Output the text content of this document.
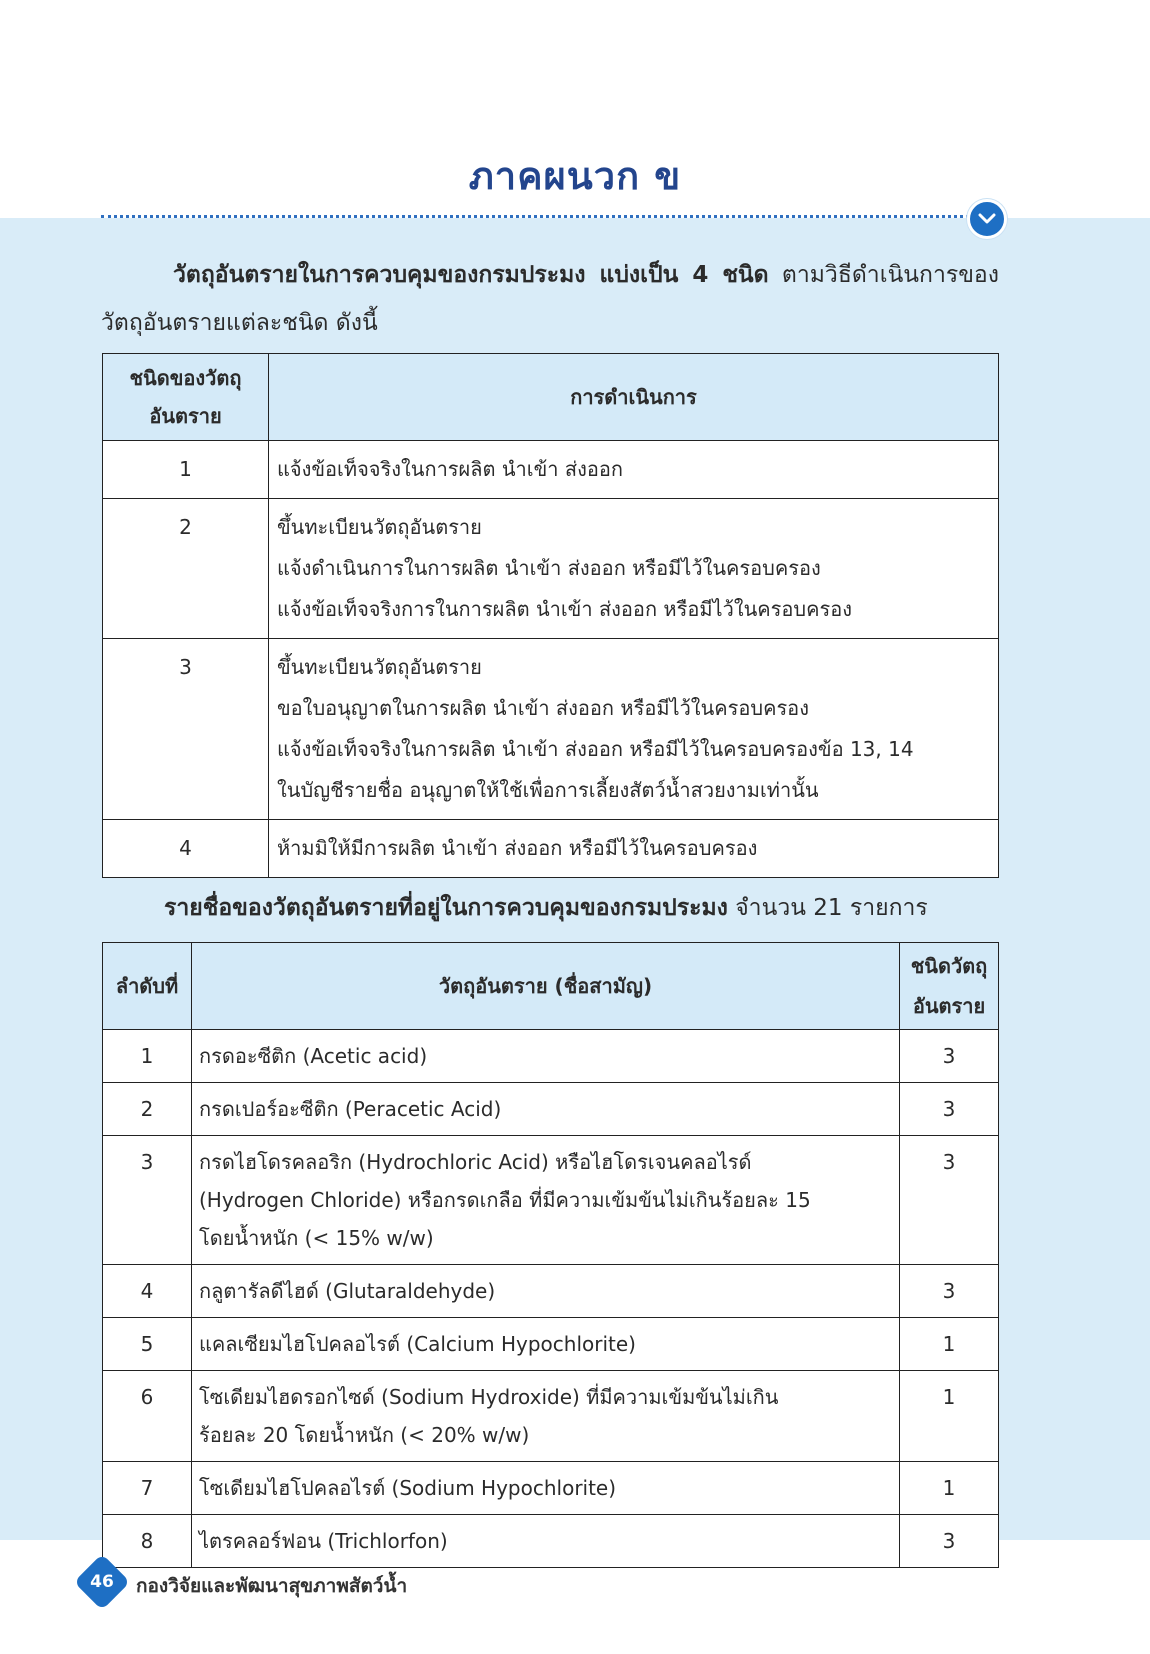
ภาคผนวก ข
วัตถุอันตรายในการควบคุมของกรมประมง แบ่งเป็น 4 ชนิด ตามวิธีดำเนินการของวัตถุอันตรายแต่ละชนิด ดังนี้
ชนิดของวัตถุอันตราย	การดำเนินการ
1	แจ้งข้อเท็จจริงในการผลิต นำเข้า ส่งออก

2	ขึ้นทะเบียนวัตถุอันตราย
แจ้งดำเนินการในการผลิต นำเข้า ส่งออก หรือมีไว้ในครอบครอง
แจ้งข้อเท็จจริงการในการผลิต นำเข้า ส่งออก หรือมีไว้ในครอบครอง

3	ขึ้นทะเบียนวัตถุอันตราย
ขอใบอนุญาตในการผลิต นำเข้า ส่งออก หรือมีไว้ในครอบครอง
แจ้งข้อเท็จจริงในการผลิต นำเข้า ส่งออก หรือมีไว้ในครอบครองข้อ 13, 14
ในบัญชีรายชื่อ อนุญาตให้ใช้เพื่อการเลี้ยงสัตว์น้ำสวยงามเท่านั้น

4	ห้ามมิให้มีการผลิต นำเข้า ส่งออก หรือมีไว้ในครอบครอง
รายชื่อของวัตถุอันตรายที่อยู่ในการควบคุมของกรมประมง จำนวน 21 รายการ
ลำดับที่	วัตถุอันตราย (ชื่อสามัญ)	ชนิดวัตถุอันตราย
1	กรดอะซีติก (Acetic acid)	3
2	กรดเปอร์อะซีติก (Peracetic Acid)	3
3	กรดไฮโดรคลอริก (Hydrochloric Acid) หรือไฮโดรเจนคลอไรด์
(Hydrogen Chloride) หรือกรดเกลือ ที่มีความเข้มข้นไม่เกินร้อยละ 15
โดยน้ำหนัก (< 15% w/w)	3
4	กลูตารัลดีไฮด์ (Glutaraldehyde)	3
5	แคลเซียมไฮโปคลอไรต์ (Calcium Hypochlorite)	1
6	โซเดียมไฮดรอกไซด์ (Sodium Hydroxide) ที่มีความเข้มข้นไม่เกิน
ร้อยละ 20 โดยน้ำหนัก (< 20% w/w)	1
7	โซเดียมไฮโปคลอไรต์ (Sodium Hypochlorite)	1
8	ไตรคลอร์ฟอน (Trichlorfon)	3
46	กองวิจัยและพัฒนาสุขภาพสัตว์น้ำ
